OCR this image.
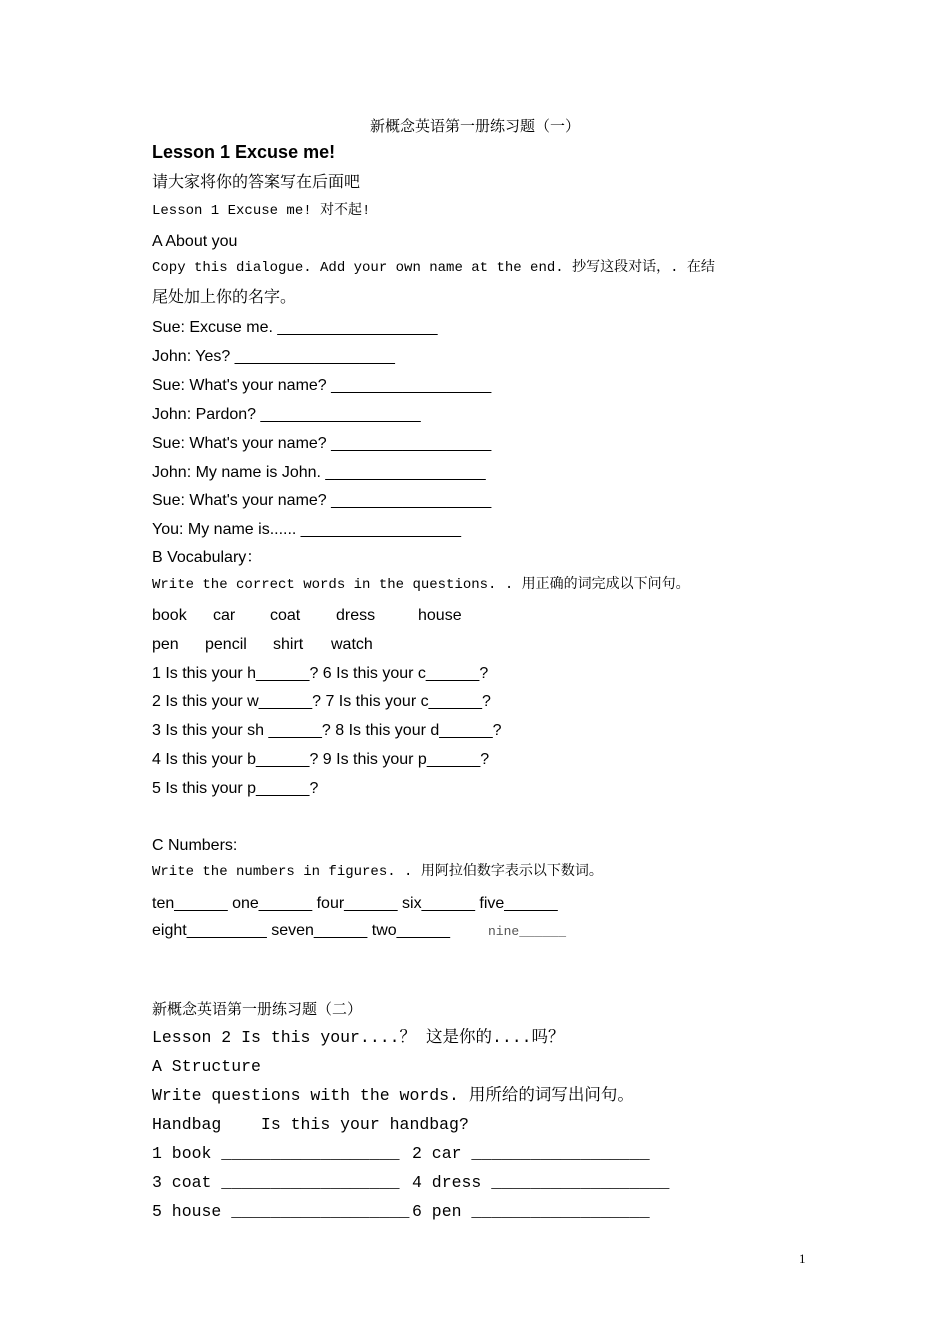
新概念英语第一册练习题（一）
Lesson 1 Excuse me!
请大家将你的答案写在后面吧
Lesson 1 Excuse me! 对不起!
A About you
Copy this dialogue. Add your own name at the end. 抄写这段对话，. 在结
尾处加上你的名字。
Sue: Excuse me. __________________
John: Yes? __________________
Sue: What's your name? __________________
John: Pardon? __________________
Sue: What's your name? __________________
John: My name is John. __________________
Sue: What's your name? __________________
You: My name is...... __________________
B Vocabulary：
Write the correct words in the questions. . 用正确的词完成以下问句。
book car coat dress	house
pen pencil shirt watch
1 Is this your h______? 6 Is this your c______?
2 Is this your w______? 7 Is this your c______?
3 Is this your sh ______? 8 Is this your d______?
4 Is this your b______? 9 Is this your p______?
5 Is this your p______?
C Numbers:
Write the numbers in figures. . 用阿拉伯数字表示以下数词。
ten______ one______ four______ six______ five______
eight_________ seven______ two______	nine______
新概念英语第一册练习题（二）
Lesson 2 Is this your....？ 这是你的....吗？
A Structure
Write questions with the words. 用所给的词写出问句。
Handbag    Is this your handbag?
1 book __________________ 2 car __________________
3 coat __________________ 4 dress __________________
5 house __________________ 6 pen __________________
1
